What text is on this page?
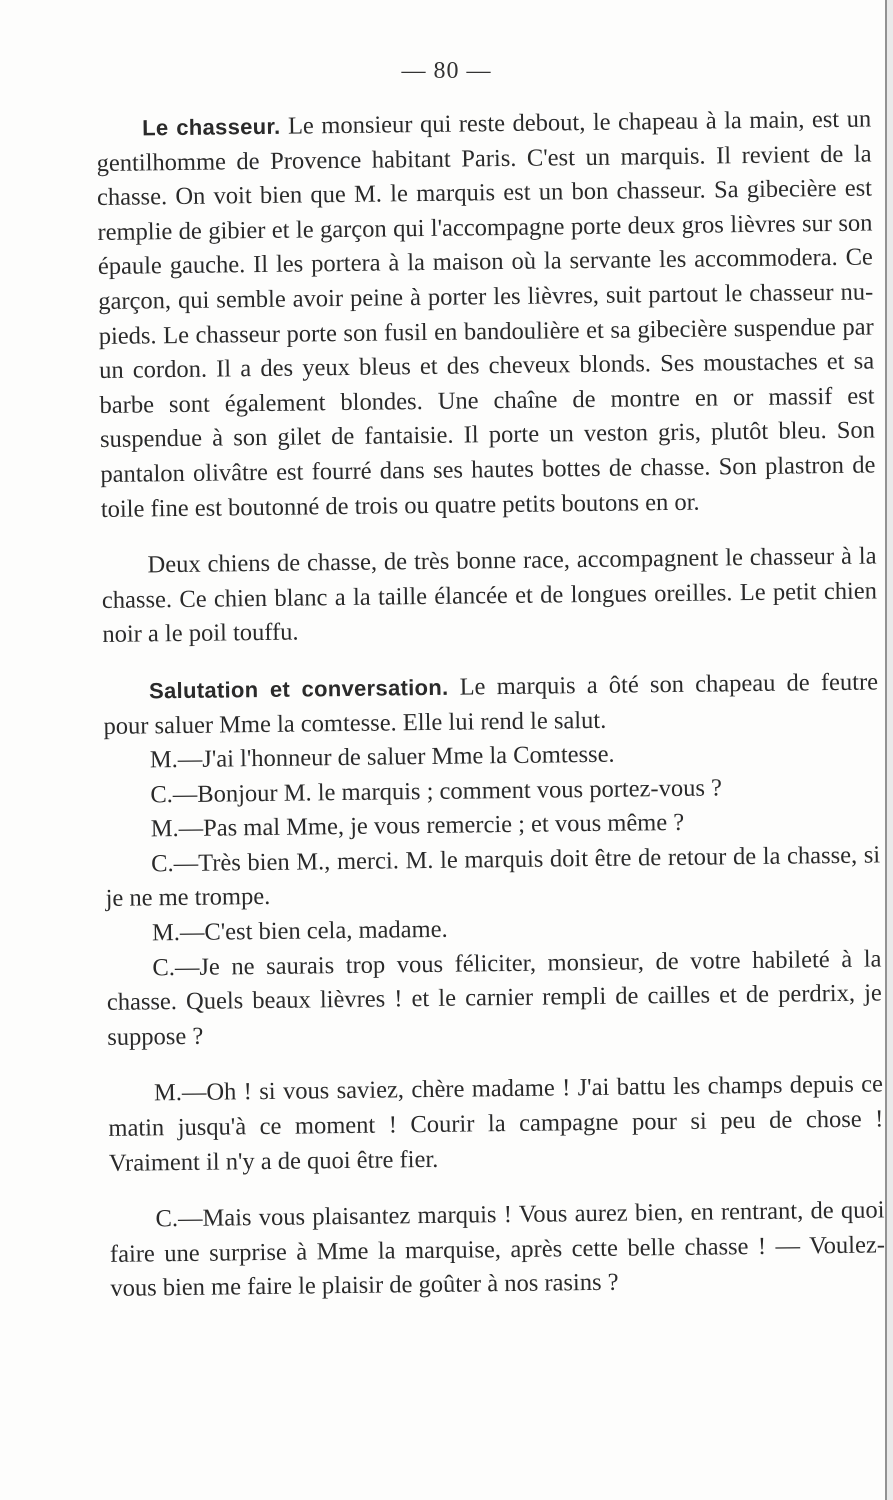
— 80 —

Le chasseur. Le monsieur qui reste debout, le chapeau à la main, est un gentilhomme de Provence habitant Paris. C'est un marquis. Il revient de la chasse. On voit bien que M. le marquis est un bon chasseur. Sa gibecière est remplie de gibier et le garçon qui l'accompagne porte deux gros lièvres sur son épaule gauche. Il les portera à la maison où la servante les accommodera. Ce garçon, qui semble avoir peine à porter les lièvres, suit partout le chasseur nu-pieds. Le chasseur porte son fusil en bandoulière et sa gibecière suspendue par un cordon. Il a des yeux bleus et des cheveux blonds. Ses moustaches et sa barbe sont également blondes. Une chaîne de montre en or massif est suspendue à son gilet de fantaisie. Il porte un veston gris, plutôt bleu. Son pantalon olivâtre est fourré dans ses hautes bottes de chasse. Son plastron de toile fine est boutonné de trois ou quatre petits boutons en or.

Deux chiens de chasse, de très bonne race, accompagnent le chasseur à la chasse. Ce chien blanc a la taille élancée et de longues oreilles. Le petit chien noir a le poil touffu.

Salutation et conversation. Le marquis a ôté son chapeau de feutre pour saluer Mme la comtesse. Elle lui rend le salut.

M.—J'ai l'honneur de saluer Mme la Comtesse.

C.—Bonjour M. le marquis ; comment vous portez-vous ?

M.—Pas mal Mme, je vous remercie ; et vous même ?

C.—Très bien M., merci. M. le marquis doit être de retour de la chasse, si je ne me trompe.

M.—C'est bien cela, madame.

C.—Je ne saurais trop vous féliciter, monsieur, de votre habileté à la chasse. Quels beaux lièvres ! et le carnier rempli de cailles et de perdrix, je suppose ?

M.—Oh ! si vous saviez, chère madame ! J'ai battu les champs depuis ce matin jusqu'à ce moment ! Courir la campagne pour si peu de chose ! Vraiment il n'y a de quoi être fier.

C.—Mais vous plaisantez marquis ! Vous aurez bien, en rentrant, de quoi faire une surprise à Mme la marquise, après cette belle chasse ! — Voulez-vous bien me faire le plaisir de goûter à nos rasins ?
